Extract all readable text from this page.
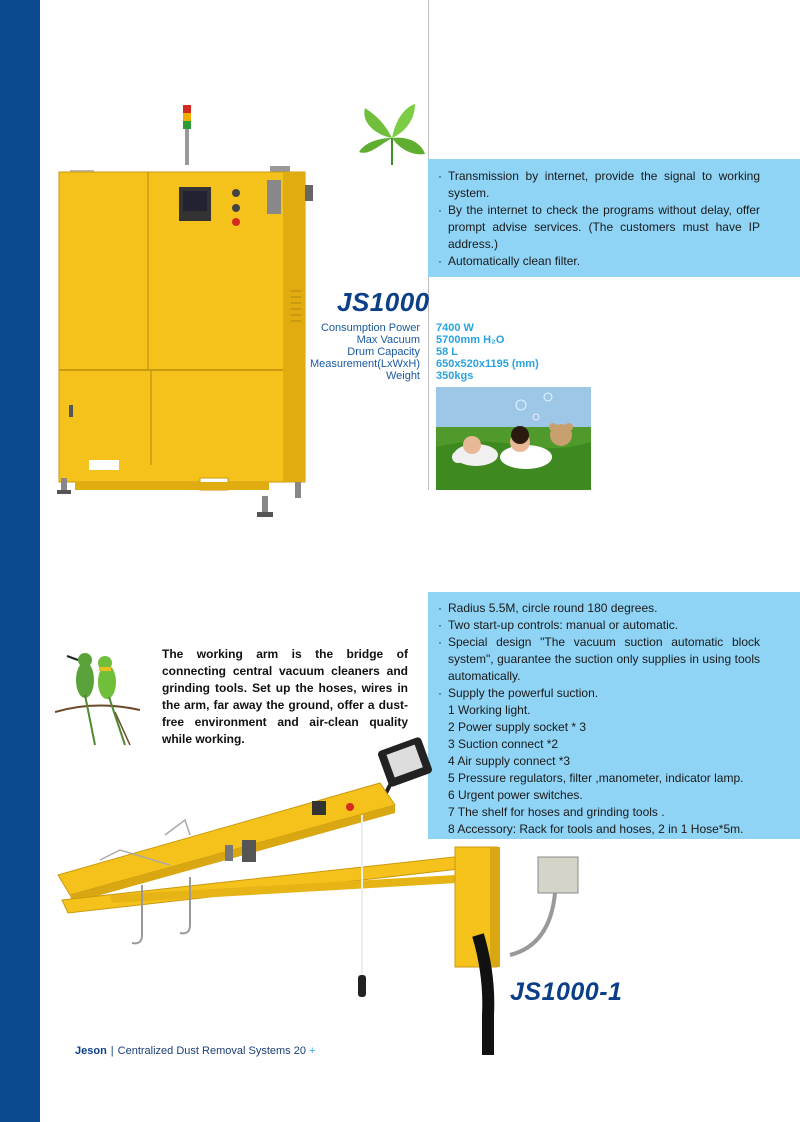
· Transmission by internet, provide the signal to working system.
· By the internet to check the programs without delay, offer prompt advise services. (The customers must have IP address.)
· Automatically clean filter.
JS1000
Consumption Power
Max Vacuum
Drum Capacity
Measurement(LxWxH)
Weight
7400 W
5700mm H₂O
58 L
650x520x1195 (mm)
350kgs
The working arm is the bridge of connecting central vacuum cleaners and grinding tools. Set up the hoses, wires in the arm, far away the ground, offer a dust-free environment and air-clean quality while working.
· Radius 5.5M, circle round 180 degrees.
· Two start-up controls: manual or automatic.
· Special design "The vacuum suction automatic block system", guarantee the suction only supplies in using tools automatically.
· Supply the powerful suction.
1 Working light.
2 Power supply socket * 3
3 Suction connect *2
4 Air supply connect *3
5 Pressure regulators, filter ,manometer, indicator lamp.
6 Urgent power switches.
7 The shelf for hoses and grinding tools .
8 Accessory: Rack for tools and hoses, 2 in 1 Hose*5m.
JS1000-1
Jeson | Centralized Dust Removal Systems 20 +
